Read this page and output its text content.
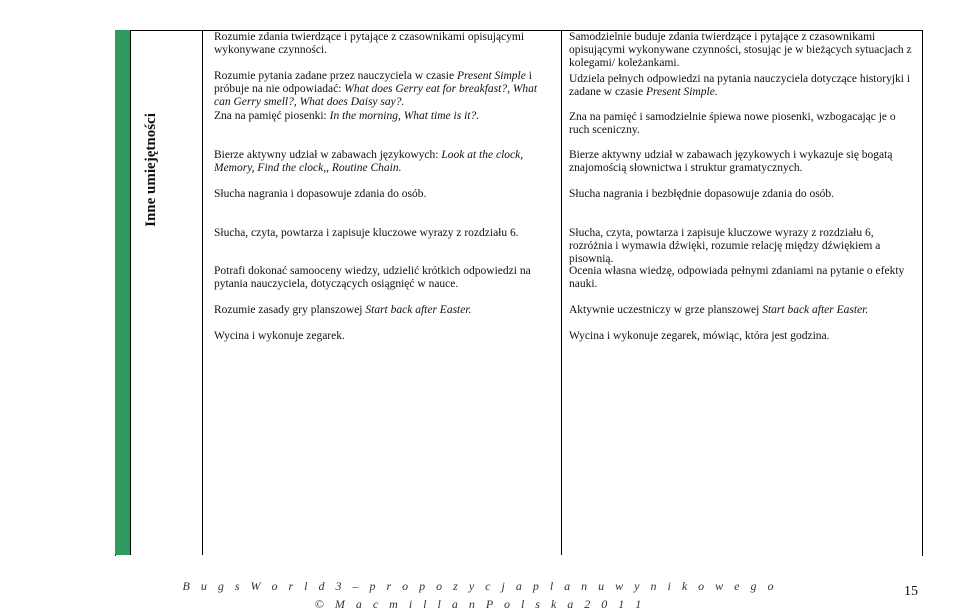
Inne umiejętności
Rozumie zdania twierdzące i pytające z czasownikami opisującymi wykonywane czynności.
Rozumie pytania zadane przez nauczyciela w czasie Present Simple i próbuje na nie odpowiadać: What does Gerry eat for breakfast?, What can Gerry smell?, What does Daisy say?.
Zna na pamięć piosenki: In the morning, What time is it?.
Bierze aktywny udział w zabawach językowych: Look at the clock, Memory, Find the clock,, Routine Chain.
Słucha nagrania i dopasowuje zdania do osób.
Słucha, czyta, powtarza i zapisuje kluczowe wyrazy z rozdziału 6.
Potrafi dokonać samooceny wiedzy, udzielić krótkich odpowiedzi na pytania nauczyciela, dotyczących osiągnięć w nauce.
Rozumie zasady gry planszowej Start back after Easter.
Wycina i wykonuje zegarek.
Samodzielnie buduje zdania twierdzące i pytające z czasownikami opisującymi wykonywane czynności, stosując je w bieżących sytuacjach z kolegami/ koleżankami.
Udziela pełnych odpowiedzi na pytania nauczyciela dotyczące historyjki i zadane w czasie Present Simple.
Zna na pamięć i samodzielnie śpiewa nowe piosenki, wzbogacając je o ruch sceniczny.
Bierze aktywny udział w zabawach językowych i wykazuje się bogatą znajomością słownictwa i struktur gramatycznych.
Słucha nagrania i bezbłędnie dopasowuje zdania do osób.
Słucha, czyta, powtarza i zapisuje kluczowe wyrazy z rozdziału 6, rozróżnia i wymawia dźwięki, rozumie relację między dźwiękiem a pisownią.
Ocenia własna wiedzę, odpowiada pełnymi zdaniami na pytanie o efekty nauki.
Aktywnie uczestniczy w grze planszowej Start back after Easter.
Wycina i wykonuje zegarek, mówiąc, która jest godzina.
B u g s W o r l d 3 – p r o p o z y c j a p l a n u w y n i k o w e g o
© M a c m i l l a n P o l s k a 2 0 1 1
15
